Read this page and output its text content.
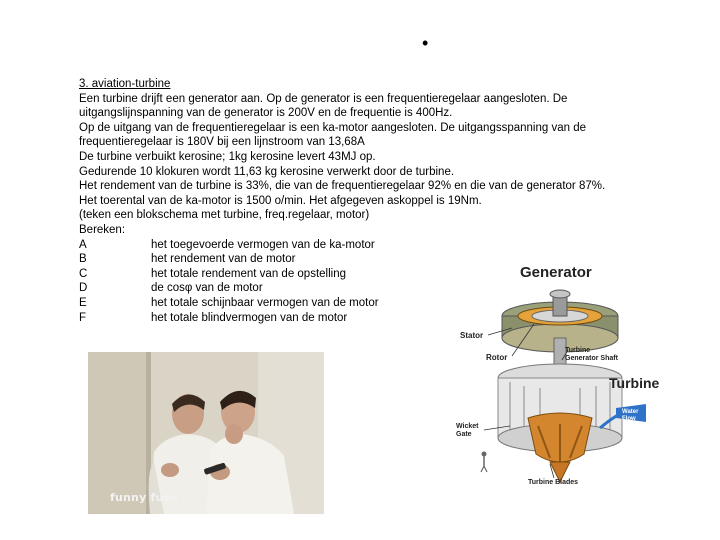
•
3. aviation-turbine
Een turbine drijft een generator aan. Op de generator is een frequentieregelaar aangesloten. De
uitgangslijnspanning van de generator is 200V en de frequentie is 400Hz.
Op de uitgang van de frequentieregelaar is een ka-motor aangesloten. De uitgangsspanning van de
frequentieregelaar is 180V bij een lijnstroom van 13,68A
De turbine verbuikt kerosine; 1kg kerosine levert 43MJ op.
Gedurende 10 klokuren wordt 11,63 kg kerosine verwerkt door de turbine.
Het rendement van de turbine is 33%, die van de frequentieregelaar 92% en die van de generator 87%.
Het toerental van de ka-motor is 1500 o/min. Het afgegeven askoppel is 19Nm.
(teken een blokschema met turbine, freq.regelaar, motor)
Bereken:
A	het toegevoerde vermogen van de ka-motor
B	het rendement van de motor
C	het totale rendement van de opstelling
D	de cosφ van de motor
E	het totale schijnbaar vermogen van de motor
F	het totale blindvermogen van de motor
funny fuse
Generator
Turbine
Stator
Rotor
Turbine
Generator Shaft
Wicket
Gate
Turbine Blades
Water
Flow
